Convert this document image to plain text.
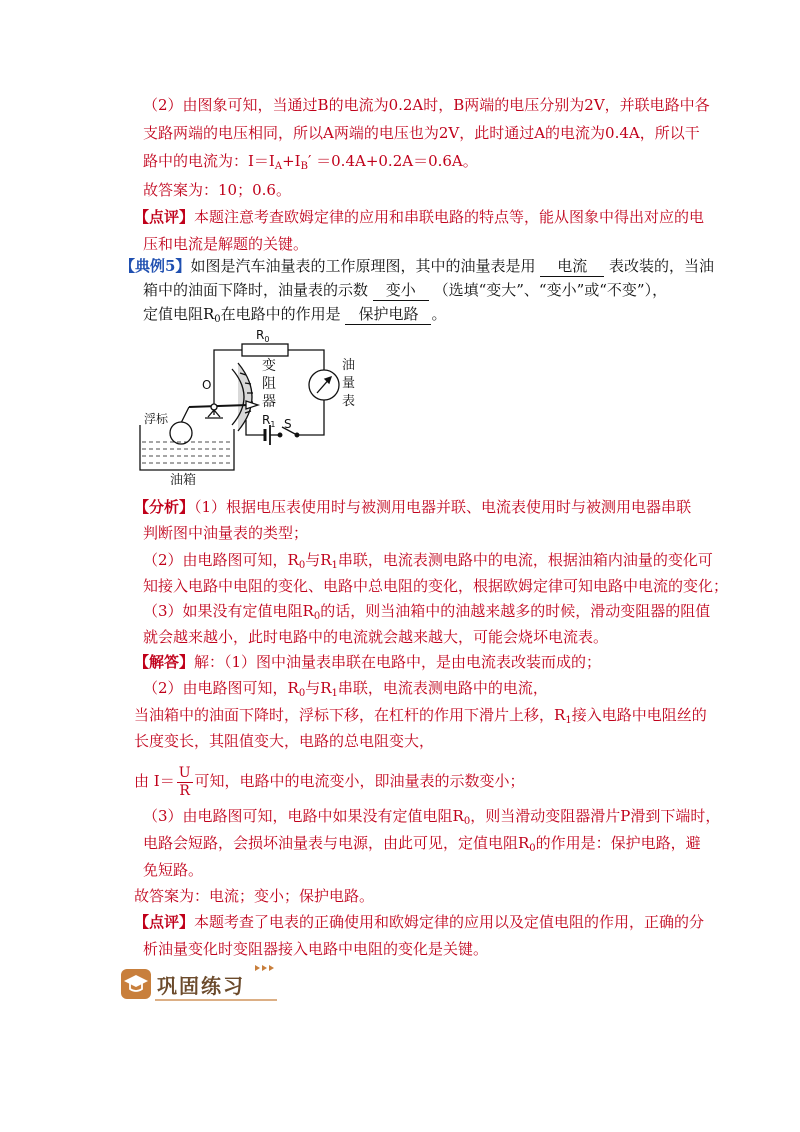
（2）由图象可知，当通过B的电流为0.2A时，B两端的电压分别为2V，并联电路中各
支路两端的电压相同，所以A两端的电压也为2V，此时通过A的电流为0.4A，所以干
路中的电流为：$I=I_A+I_B' =0.4A+0.2A=0.6A$。
故答案为：10；0.6。
【点评】本题注意考查欧姆定律的应用和串联电路的特点等，能从图象中得出对应的电
压和电流是解题的关键。
【典例5】如图是汽车油量表的工作原理图，其中的油量表是用 电流 表改装的，当油
箱中的油面下降时，油量表的示数 变小 （选填“变大”、“变小”或“不变”），
定值电阻$R_0$在电路中的作用是 保护电路 。
$R_0$
变
阻
器
$R_1$
O
S
浮标
油箱
油
量
表
【分析】（1）根据电压表使用时与被测用电器并联、电流表使用时与被测用电器串联
判断图中油量表的类型；
（2）由电路图可知，$R_0$与$R_1$串联，电流表测电路中的电流，根据油箱内油量的变化可
知接入电路中电阻的变化、电路中总电阻的变化，根据欧姆定律可知电路中电流的变化；
（3）如果没有定值电阻$R_0$的话，则当油箱中的油越来越多的时候，滑动变阻器的阻值
就会越来越小，此时电路中的电流就会越来越大，可能会烧坏电流表。
【解答】解：（1）图中油量表串联在电路中，是由电流表改装而成的；
（2）由电路图可知，$R_0$与$R_1$串联，电流表测电路中的电流，
当油箱中的油面下降时，浮标下移，在杠杆的作用下滑片上移，$R_1$接入电路中电阻丝的
长度变长，其阻值变大，电路的总电阻变大，
由 $I= \frac{U}{R}$ 可知，电路中的电流变小，即油量表的示数变小；
（3）由电路图可知，电路中如果没有定值电阻$R_0$，则当滑动变阻器滑片P滑到下端时，
电路会短路，会损坏油量表与电源，由此可见，定值电阻$R_0$的作用是：保护电路，避
免短路。
故答案为：电流；变小；保护电路。
【点评】本题考查了电表的正确使用和欧姆定律的应用以及定值电阻的作用，正确的分
析油量变化时变阻器接入电路中电阻的变化是关键。
巩固练习
